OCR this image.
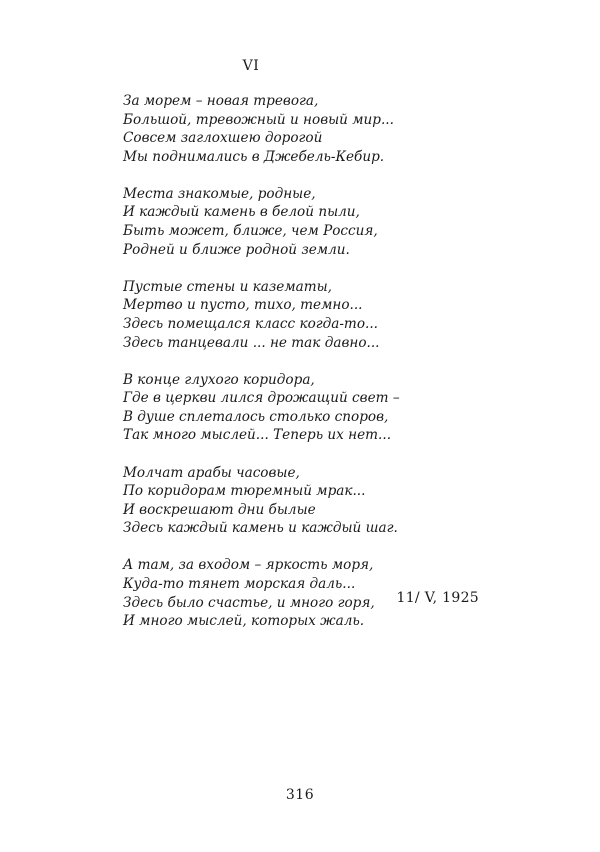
VI
За морем – новая тревога,
Большой, тревожный и новый мир...
Совсем заглохшею дорогой
Мы поднимались в Джебель-Кебир.
Места знакомые, родные,
И каждый камень в белой пыли,
Быть может, ближе, чем Россия,
Родней и ближе родной земли.
Пустые стены и казематы,
Мертво и пусто, тихо, темно...
Здесь помещался класс когда-то...
Здесь танцевали ... не так давно...
В конце глухого коридора,
Где в церкви лился дрожащий свет –
В душе сплеталось столько споров,
Так много мыслей... Теперь их нет...
Молчат арабы часовые,
По коридорам тюремный мрак...
И воскрешают дни былые
Здесь каждый камень и каждый шаг.
А там, за входом – яркость моря,
Куда-то тянет морская даль...
Здесь было счастье, и много горя,
И много мыслей, которых жаль.
11/ V, 1925
316
